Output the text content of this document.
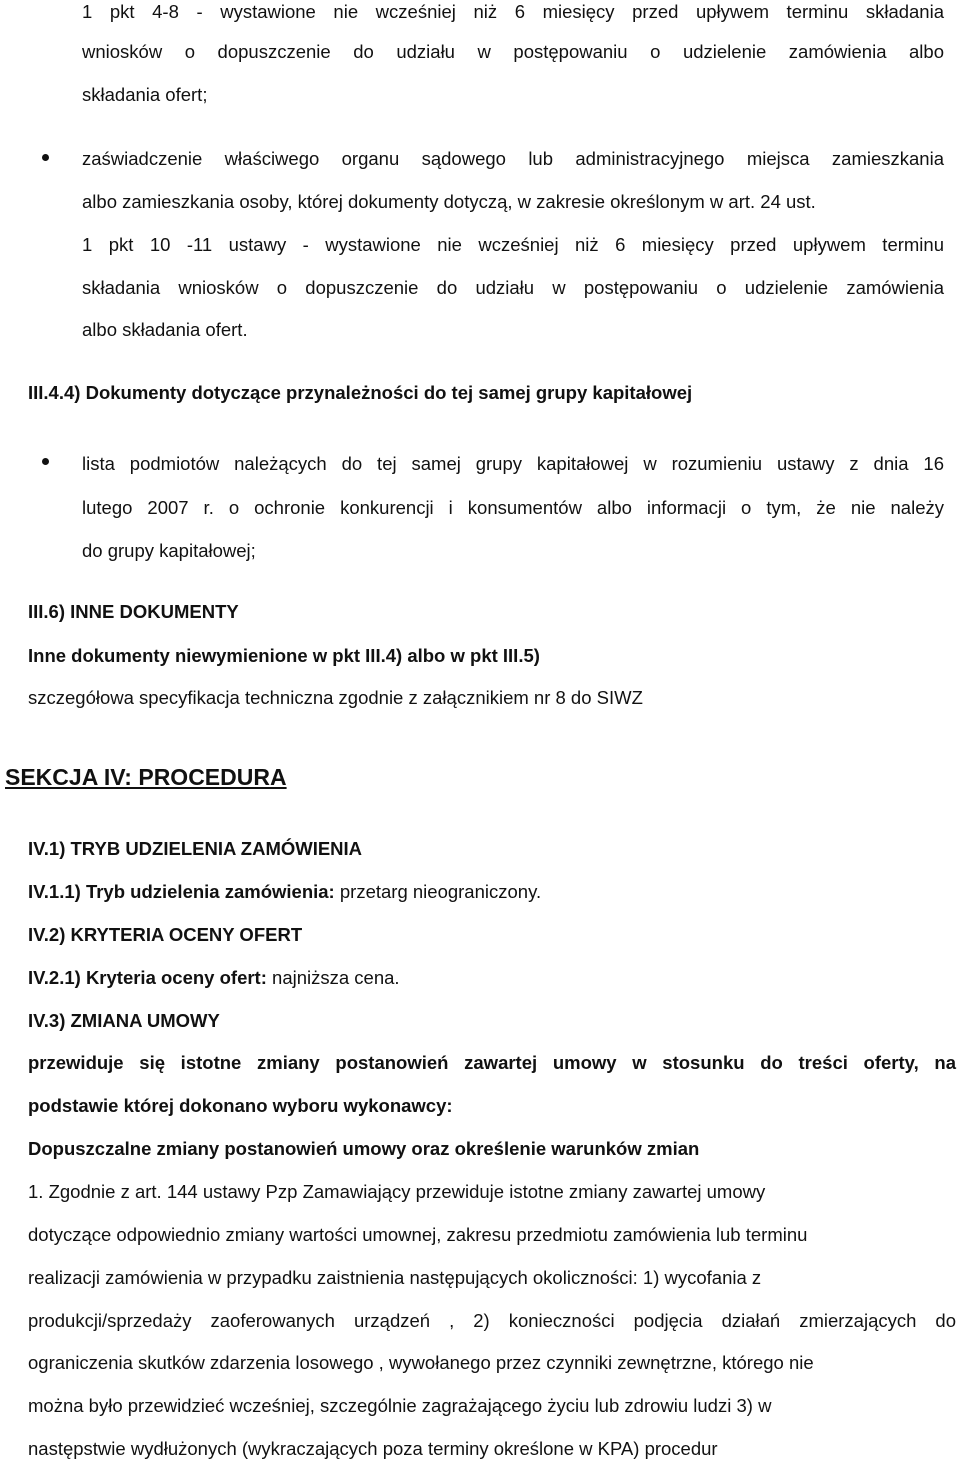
1 pkt 4-8 - wystawione nie wcześniej niż 6 miesięcy przed upływem terminu składania
wniosków o dopuszczenie do udziału w postępowaniu o udzielenie zamówienia albo
składania ofert;
zaświadczenie właściwego organu sądowego lub administracyjnego miejsca zamieszkania
albo zamieszkania osoby, której dokumenty dotyczą, w zakresie określonym w art. 24 ust.
1 pkt 10 -11 ustawy - wystawione nie wcześniej niż 6 miesięcy przed upływem terminu
składania wniosków o dopuszczenie do udziału w postępowaniu o udzielenie zamówienia
albo składania ofert.
III.4.4) Dokumenty dotyczące przynależności do tej samej grupy kapitałowej
lista podmiotów należących do tej samej grupy kapitałowej w rozumieniu ustawy z dnia 16
lutego 2007 r. o ochronie konkurencji i konsumentów albo informacji o tym, że nie należy
do grupy kapitałowej;
III.6) INNE DOKUMENTY
Inne dokumenty niewymienione w pkt III.4) albo w pkt III.5)
szczegółowa specyfikacja techniczna zgodnie z załącznikiem nr 8 do SIWZ
SEKCJA IV: PROCEDURA
IV.1) TRYB UDZIELENIA ZAMÓWIENIA
IV.1.1) Tryb udzielenia zamówienia: przetarg nieograniczony.
IV.2) KRYTERIA OCENY OFERT
IV.2.1) Kryteria oceny ofert: najniższa cena.
IV.3) ZMIANA UMOWY
przewiduje się istotne zmiany postanowień zawartej umowy w stosunku do treści oferty, na
podstawie której dokonano wyboru wykonawcy:
Dopuszczalne zmiany postanowień umowy oraz określenie warunków zmian
1. Zgodnie z art. 144 ustawy Pzp Zamawiający przewiduje istotne zmiany zawartej umowy
dotyczące odpowiednio zmiany wartości umownej, zakresu przedmiotu zamówienia lub terminu
realizacji zamówienia w przypadku zaistnienia następujących okoliczności: 1) wycofania z
produkcji/sprzedaży zaoferowanych urządzeń , 2) konieczności podjęcia działań zmierzających do
ograniczenia skutków zdarzenia losowego , wywołanego przez czynniki zewnętrzne, którego nie
można było przewidzieć wcześniej, szczególnie zagrażającego życiu lub zdrowiu ludzi 3) w
następstwie wydłużonych (wykraczających poza terminy określone w KPA) procedur
